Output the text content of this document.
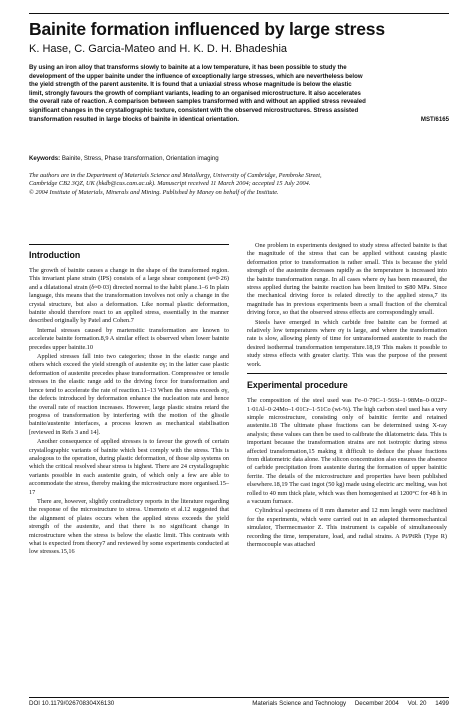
Bainite formation influenced by large stress
K. Hase, C. Garcia-Mateo and H. K. D. H. Bhadeshia
By using an iron alloy that transforms slowly to bainite at a low temperature, it has been possible to study the
development of the upper bainite under the influence of exceptionally large stresses, which are nevertheless below
the yield strength of the parent austenite. It is found that a uniaxial stress whose magnitude is below the elastic
limit, strongly favours the growth of compliant variants, leading to an organised microstructure. It also accelerates
the overall rate of reaction. A comparison between samples transformed with and without an applied stress revealed
significant changes in the crystallographic texture, consistent with the observed microstructures. Stress assisted
transformation resulted in large blocks of bainite in identical orientation.	MST/6165
Keywords: Bainite, Stress, Phase transformation, Orientation imaging
The authors are in the Department of Materials Science and Metallurgy, University of Cambridge, Pembroke Street,
Cambridge CB2 3QZ, UK (hkdb@cus.cam.ac.uk). Manuscript received 11 March 2004; accepted 15 July 2004.
© 2004 Institute of Materials, Minerals and Mining. Published by Maney on behalf of the Institute.
Introduction

The growth of bainite causes a change in the shape of the transformed region. This invariant plane strain (IPS) consists of a large shear component (s≈0·26) and a dilatational strain (δ≈0·03) directed normal to the habit plane.1–6 In plain language, this means that the transformation involves not only a change in the crystal structure, but also a deformation. Like normal plastic deformation, bainite should therefore react to an applied stress, essentially in the manner described originally by Patel and Cohen.7

Internal stresses caused by martensitic transformation are known to accelerate bainite formation.8,9 A similar effect is observed when lower bainite precedes upper bainite.10

Applied stresses fall into two categories; those in the elastic range and others which exceed the yield strength of austenite σγ; in the latter case plastic deformation of austenite precedes phase transformation. Compressive or tensile stresses in the elastic range add to the driving force for transformation and hence tend to accelerate the rate of reaction.11–13 When the stress exceeds σγ, the defects introduced by deformation enhance the nucleation rate and hence the overall rate of reaction increases. However, large plastic strains retard the progress of transformation by interfering with the motion of the glissile bainite/austenite interfaces, a process known as mechanical stabilisation [reviewed in Refs 3 and 14].

Another consequence of applied stresses is to favour the growth of certain crystallographic variants of bainite which best comply with the stress. This is analogous to the operation, during plastic deformation, of those slip systems on which the critical resolved shear stress is highest. There are 24 crystallographic variants possible in each austenite grain, of which only a few are able to accommodate the stress, thereby making the microstructure more organised.15–17

There are, however, slightly contradictory reports in the literature regarding the response of the microstructure to stress. Umemoto et al.12 suggested that the alignment of plates occurs when the applied stress exceeds the yield strength of the austenite, and that there is no significant change in microstructure when the stress is below the elastic limit. This contrasts with what is expected from theory7 and reviewed by some experiments conducted at low stresses.15,16

One problem in experiments designed to study stress affected bainite is that the magnitude of the stress that can be applied without causing plastic deformation prior to transformation is rather small. This is because the yield strength of the austenite decreases rapidly as the temperature is increased into the bainite transformation range. In all cases where σγ has been measured, the stress applied during the bainite reaction has been limited to ≲80 MPa. Since the mechanical driving force is related directly to the applied stress,7 its magnitude has in previous experiments been a small fraction of the chemical driving force, so that the observed stress effects are correspondingly small.

Steels have emerged in which carbide free bainite can be formed at relatively low temperatures where σγ is large, and where the transformation rate is slow, allowing plenty of time for untransformed austenite to reach the desired isothermal transformation temperature.18,19 This makes it possible to study stress effects with greater clarity. This was the purpose of the present work.

Experimental procedure

The composition of the steel used was Fe–0·79C–1·56Si–1·98Mn–0·002P–1·01Al–0·24Mo–1·01Cr–1·51Co (wt-%). The high carbon steel used has a very simple microstructure, consisting only of bainitic ferrite and retained austenite.18 The ultimate phase fractions can be determined using X-ray analysis; these values can then be used to calibrate the dilatometric data. This is important because the transformation strains are not isotropic during stress affected transformation,15 making it difficult to deduce the phase fractions from dilatometric data alone. The silicon concentration also ensures the absence of carbide precipitation from austenite during the formation of upper bainitic ferrite. The details of the microstructure and properties have been published elsewhere.18,19 The cast ingot (50 kg) made using electric arc melting, was hot rolled to 40 mm thick plate, which was then homogenised at 1200°C for 48 h in a vacuum furnace.

Cylindrical specimens of 8 mm diameter and 12 mm length were machined for the experiments, which were carried out in an adapted thermomechanical simulator, Thermecmastor Z. This instrument is capable of simultaneously recording the time, temperature, load, and radial strains. A Pt/PtRh (Type R) thermocouple was attached

DOI 10.1179/026708304X6130	Materials Science and Technology December 2004 Vol. 20 1499
